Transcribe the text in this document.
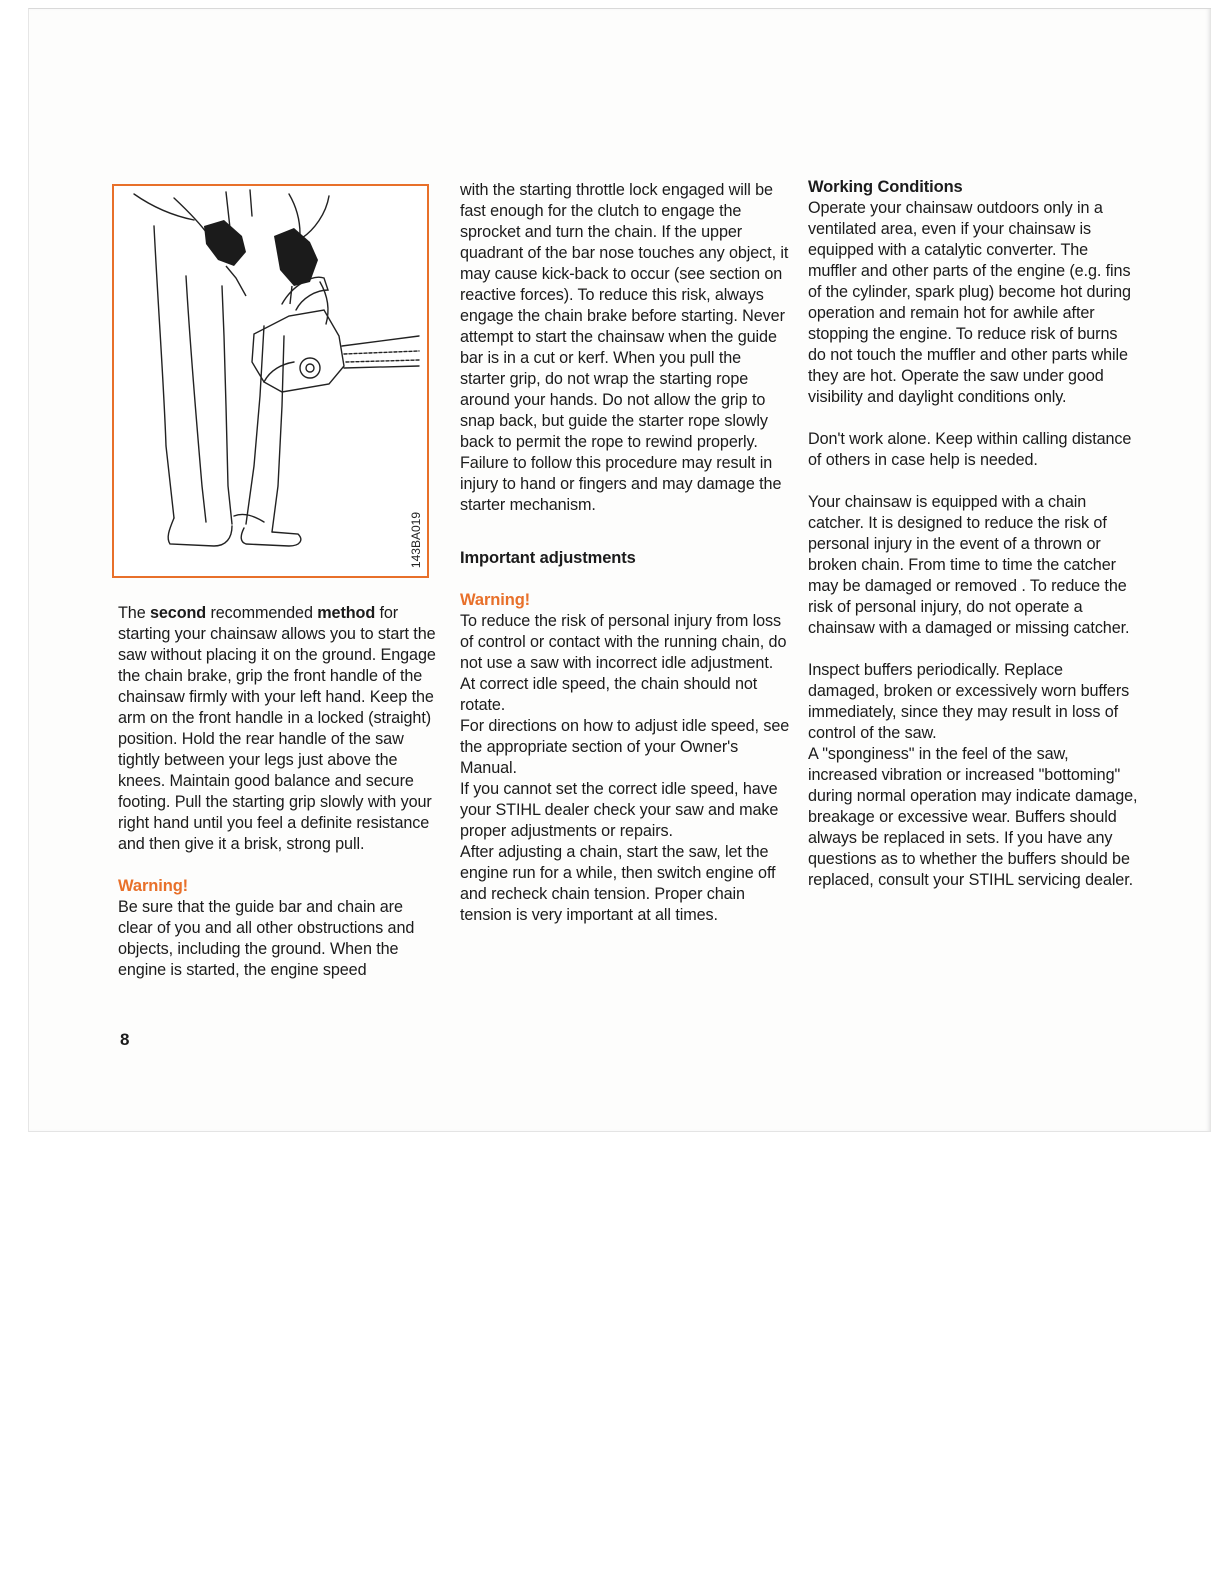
143BA019

The second recommended method for starting your chainsaw allows you to start the saw without placing it on the ground. Engage the chain brake, grip the front handle of the chainsaw firmly with your left hand. Keep the arm on the front handle in a locked (straight) position. Hold the rear handle of the saw tightly between your legs just above the knees. Maintain good balance and secure footing. Pull the starting grip slowly with your right hand until you feel a definite resistance and then give it a brisk, strong pull.

Warning!

Be sure that the guide bar and chain are clear of you and all other obstructions and objects, including the ground. When the engine is started, the engine speed

with the starting throttle lock engaged will be fast enough for the clutch to engage the sprocket and turn the chain. If the upper quadrant of the bar nose touches any object, it may cause kick-back to occur (see section on reactive forces). To reduce this risk, always engage the chain brake before starting. Never attempt to start the chainsaw when the guide bar is in a cut or kerf. When you pull the starter grip, do not wrap the starting rope around your hands. Do not allow the grip to snap back, but guide the starter rope slowly back to permit the rope to rewind properly. Failure to follow this procedure may result in injury to hand or fingers and may damage the starter mechanism.

Important adjustments

Warning!

To reduce the risk of personal injury from loss of control or contact with the running chain, do not use a saw with incorrect idle adjustment. At correct idle speed, the chain should not rotate.

For directions on how to adjust idle speed, see the appropriate section of your Owner's Manual.

If you cannot set the correct idle speed, have your STIHL dealer check your saw and make proper adjustments or repairs.

After adjusting a chain, start the saw, let the engine run for a while, then switch engine off and recheck chain tension. Proper chain tension is very important at all times.

Working Conditions

Operate your chainsaw outdoors only in a ventilated area, even if your chainsaw is equipped with a catalytic converter. The muffler and other parts of the engine (e.g. fins of the cylinder, spark plug) become hot during operation and remain hot for awhile after stopping the engine. To reduce risk of burns do not touch the muffler and other parts while they are hot. Operate the saw under good visibility and daylight conditions only.

Don't work alone. Keep within calling distance of others in case help is needed.

Your chainsaw is equipped with a chain catcher. It is designed to reduce the risk of personal injury in the event of a thrown or broken chain. From time to time the catcher may be damaged or removed . To reduce the risk of personal injury, do not operate a chainsaw with a damaged or missing catcher.

Inspect buffers periodically. Replace damaged, broken or excessively worn buffers immediately, since they may result in loss of control of the saw.

A "sponginess" in the feel of the saw, increased vibration or increased "bottoming" during normal operation may indicate damage, breakage or excessive wear. Buffers should always be replaced in sets. If you have any questions as to whether the buffers should be replaced, consult your STIHL servicing dealer.

8
